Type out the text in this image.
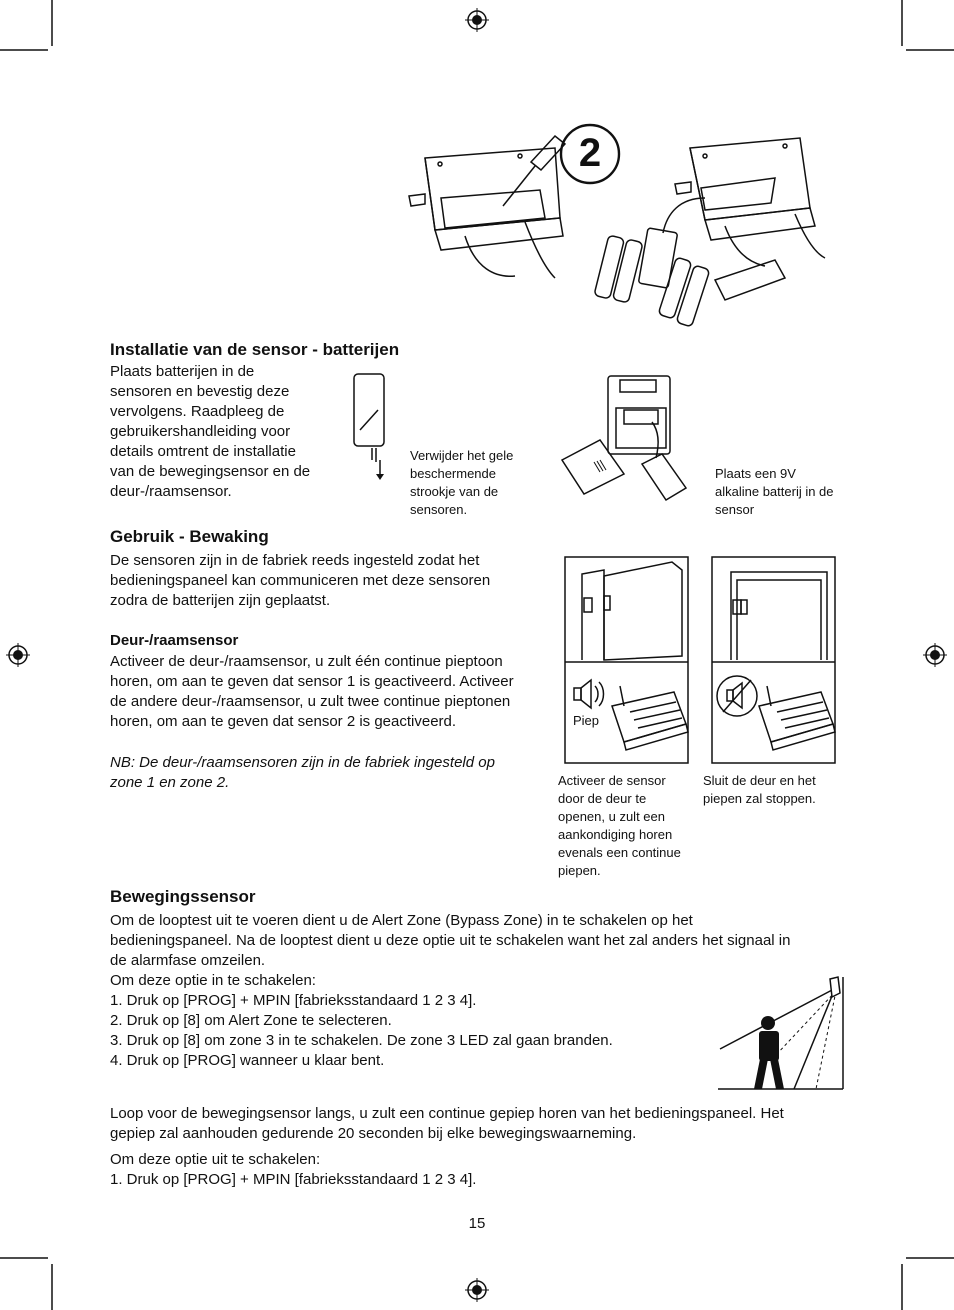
2
Installatie van de sensor - batterijen
Plaats batterijen in de
sensoren en bevestig deze
vervolgens. Raadpleeg de
gebruikershandleiding voor
details omtrent de installatie
van de bewegingsensor en de
deur-/raamsensor.
Verwijder het gele
beschermende
strookje van de
sensoren.
Plaats een 9V
alkaline batterij in de
sensor
Gebruik - Bewaking
De sensoren zijn in de fabriek reeds ingesteld zodat het
bedieningspaneel kan communiceren met deze sensoren
zodra de batterijen zijn geplaatst.
Deur-/raamsensor
Activeer de deur-/raamsensor, u zult één continue pieptoon
horen, om aan te geven dat sensor 1 is geactiveerd. Activeer
de andere deur-/raamsensor, u zult twee continue pieptonen
horen, om aan te geven dat sensor 2 is geactiveerd.
NB: De deur-/raamsensoren zijn in de fabriek ingesteld op
zone 1 en zone 2.
Piep
Activeer de sensor
door de deur te
openen, u zult een
aankondiging horen
evenals een continue
piepen.
Sluit de deur en het
piepen zal stoppen.
Bewegingssensor
Om de looptest uit te voeren dient u de Alert Zone (Bypass Zone) in te schakelen op het
bedieningspaneel. Na de looptest dient u deze optie uit te schakelen want het zal anders het signaal in
de alarmfase omzeilen.
Om deze optie in te schakelen:
1. Druk op [PROG] + MPIN [fabrieksstandaard 1 2 3 4].
2. Druk op [8] om Alert Zone te selecteren.
3. Druk op [8] om zone 3 in te schakelen. De zone 3 LED zal gaan branden.
4. Druk op [PROG] wanneer u klaar bent.
Loop voor de bewegingsensor langs, u zult een continue gepiep horen van het bedieningspaneel. Het
gepiep zal aanhouden gedurende 20 seconden bij elke bewegingswaarneming.
Om deze optie uit te schakelen:
1. Druk op [PROG] + MPIN [fabrieksstandaard 1 2 3 4].
15
